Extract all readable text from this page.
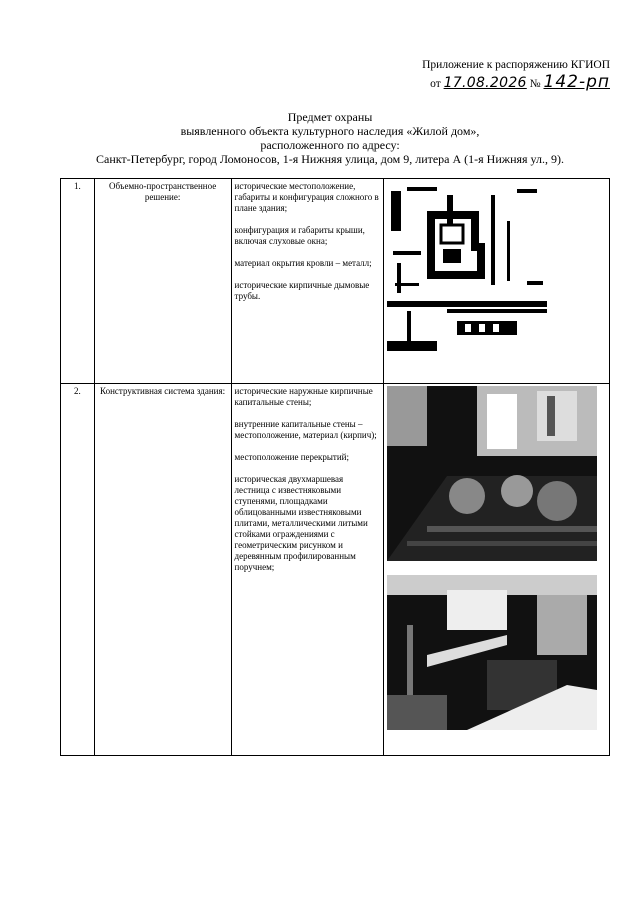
Приложение к распоряжению КГИОП
от 17.08.2026 № 142-рп
Предмет охраны
выявленного объекта культурного наследия «Жилой дом»,
расположенного по адресу:
Санкт-Петербург, город Ломоносов, 1-я Нижняя улица, дом 9, литера А (1-я Нижняя ул., 9).
1.	Объемно-пространственное решение:	исторические местоположение, габариты и конфигурация сложного в плане здания;
конфигурация и габариты крыши, включая слуховые окна;
материал окрытия кровли – металл;
исторические кирпичные дымовые трубы.

2.	Конструктивная система здания:	исторические наружные кирпичные капитальные стены;
внутренние капитальные стены – местоположение, материал (кирпич);
местоположение перекрытий;
историческая двухмаршевая лестница с известняковыми ступенями, площадками облицованными известняковыми плитами, металлическими литыми стойками ограждениями с геометрическим рисунком и деревянным профилированным поручнем;
